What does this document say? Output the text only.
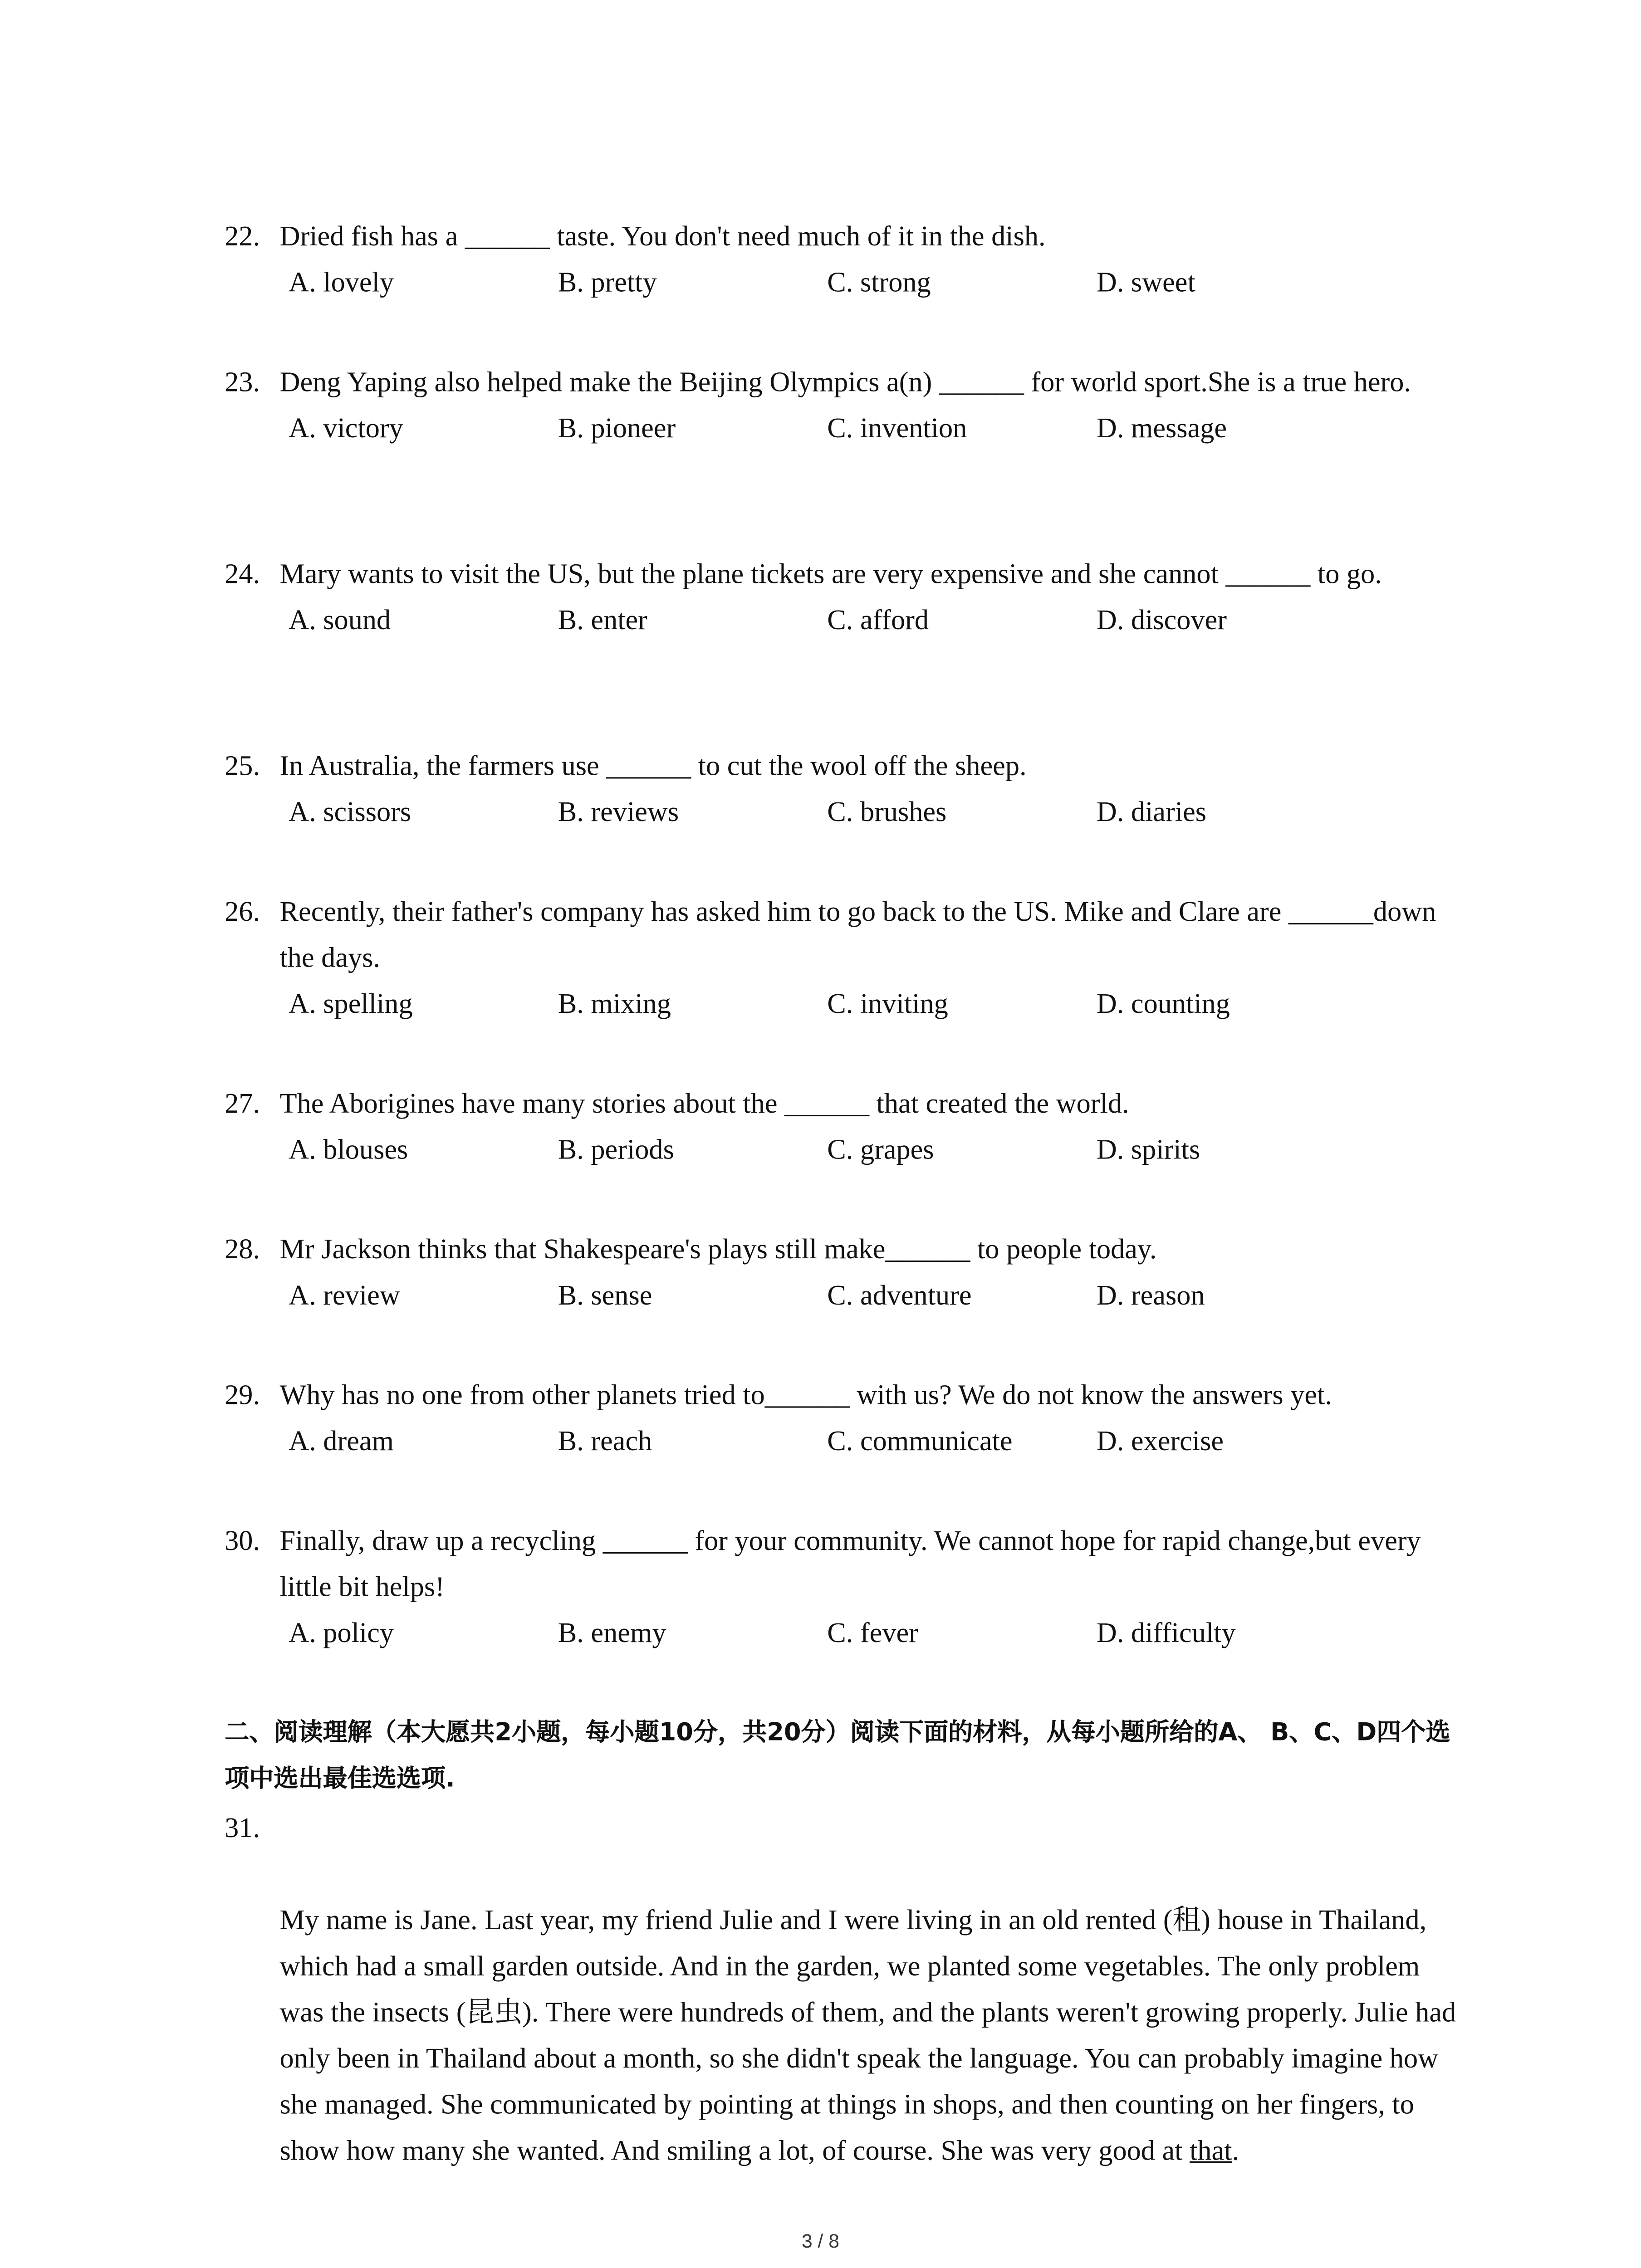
22. Dried fish has a ______ taste. You don't need much of it in the dish.
A. lovely	B. pretty	C. strong	D. sweet
23. Deng Yaping also helped make the Beijing Olympics a(n) ______ for world sport.She is a true hero.
A. victory	B. pioneer	C. invention	D. message
24. Mary wants to visit the US, but the plane tickets are very expensive and she cannot ______ to go.
A. sound	B. enter	C. afford	D. discover
25. In Australia, the farmers use ______ to cut the wool off the sheep.
A. scissors	B. reviews	C. brushes	D. diaries
26. Recently, their father's company has asked him to go back to the US. Mike and Clare are ______down the days.
A. spelling	B. mixing	C. inviting	D. counting
27. The Aborigines have many stories about the ______ that created the world.
A. blouses	B. periods	C. grapes	D. spirits
28. Mr Jackson thinks that Shakespeare's plays still make______ to people today.
A. review	B. sense	C. adventure	D. reason
29. Why has no one from other planets tried to______ with us? We do not know the answers yet.
A. dream	B. reach	C. communicate	D. exercise
30. Finally, draw up a recycling ______ for your community. We cannot hope for rapid change,but every little bit helps!
A. policy	B. enemy	C. fever	D. difficulty
二、阅读理解（本大愿共2小题，每小题10分，共20分）阅读下面的材料，从每小题所给的A、 B、C、D四个选项中选出最佳选选项.
31.

My name is Jane. Last year, my friend Julie and I were living in an old rented (租) house in Thailand, which had a small garden outside. And in the garden, we planted some vegetables. The only problem was the insects (昆虫). There were hundreds of them, and the plants weren't growing properly. Julie had only been in Thailand about a month, so she didn't speak the language. You can probably imagine how she managed. She communicated by pointing at things in shops, and then counting on her fingers, to show how many she wanted. And smiling a lot, of course. She was very good at that.

3 / 8
